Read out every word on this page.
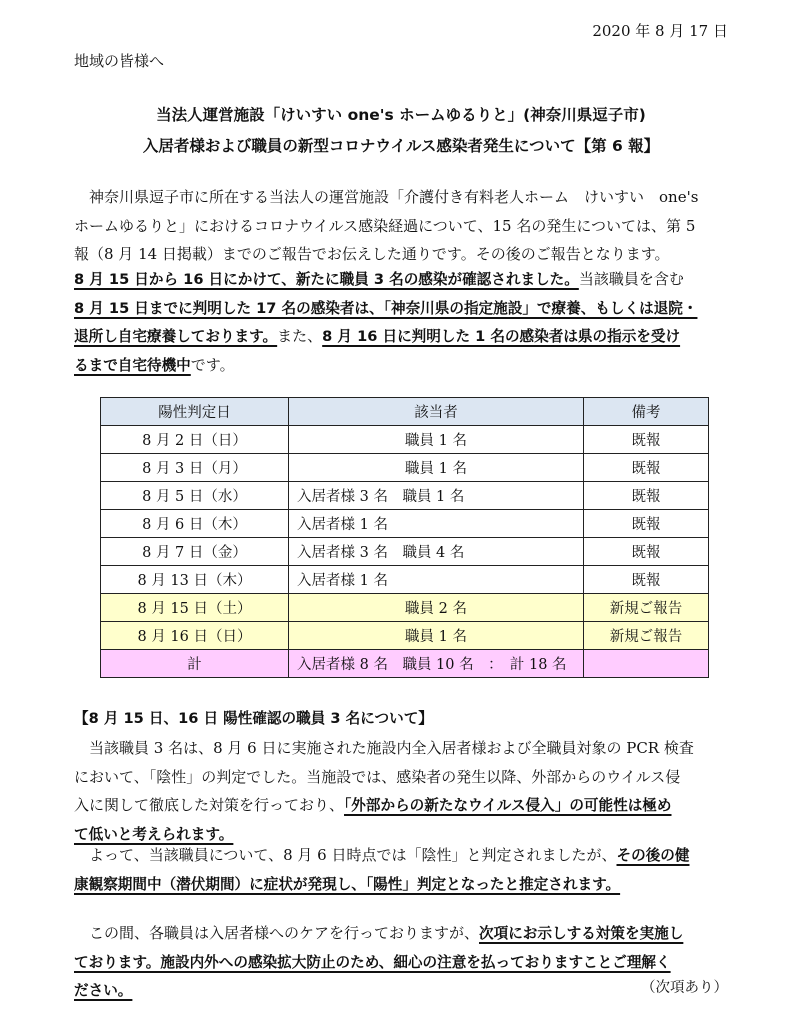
2020 年 8 月 17 日
地域の皆様へ
当法人運営施設「けいすい one's ホームゆるりと」(神奈川県逗子市)
入居者様および職員の新型コロナウイルス感染者発生について【第 6 報】
　神奈川県逗子市に所在する当法人の運営施設「介護付き有料老人ホーム　けいすい　one's
ホームゆるりと」におけるコロナウイルス感染経過について、15 名の発生については、第 5
報（8 月 14 日掲載）までのご報告でお伝えした通りです。その後のご報告となります。
8 月 15 日から 16 日にかけて、新たに職員 3 名の感染が確認されました。当該職員を含む
8 月 15 日までに判明した 17 名の感染者は、「神奈川県の指定施設」で療養、もしくは退院・
退所し自宅療養しております。また、8 月 16 日に判明した 1 名の感染者は県の指示を受け
るまで自宅待機中です。
陽性判定日	該当者	備考
8 月 2 日（日）	職員 1 名	既報
8 月 3 日（月）	職員 1 名	既報
8 月 5 日（水）	入居者様 3 名　職員 1 名	既報
8 月 6 日（木）	入居者様 1 名	既報
8 月 7 日（金）	入居者様 3 名　職員 4 名	既報
8 月 13 日（木）	入居者様 1 名	既報
8 月 15 日（土）	職員 2 名	新規ご報告
8 月 16 日（日）	職員 1 名	新規ご報告
計	入居者様 8 名　職員 10 名　：　計 18 名	
【8 月 15 日、16 日 陽性確認の職員 3 名について】
　当該職員 3 名は、8 月 6 日に実施された施設内全入居者様および全職員対象の PCR 検査
において、「陰性」の判定でした。当施設では、感染者の発生以降、外部からのウイルス侵
入に関して徹底した対策を行っており、「外部からの新たなウイルス侵入」の可能性は極め
て低いと考えられます。
　よって、当該職員について、8 月 6 日時点では「陰性」と判定されましたが、その後の健
康観察期間中（潜伏期間）に症状が発現し、「陽性」判定となったと推定されます。
　この間、各職員は入居者様へのケアを行っておりますが、次項にお示しする対策を実施し
ております。施設内外への感染拡大防止のため、細心の注意を払っておりますことご理解く
ださい。	（次項あり）
